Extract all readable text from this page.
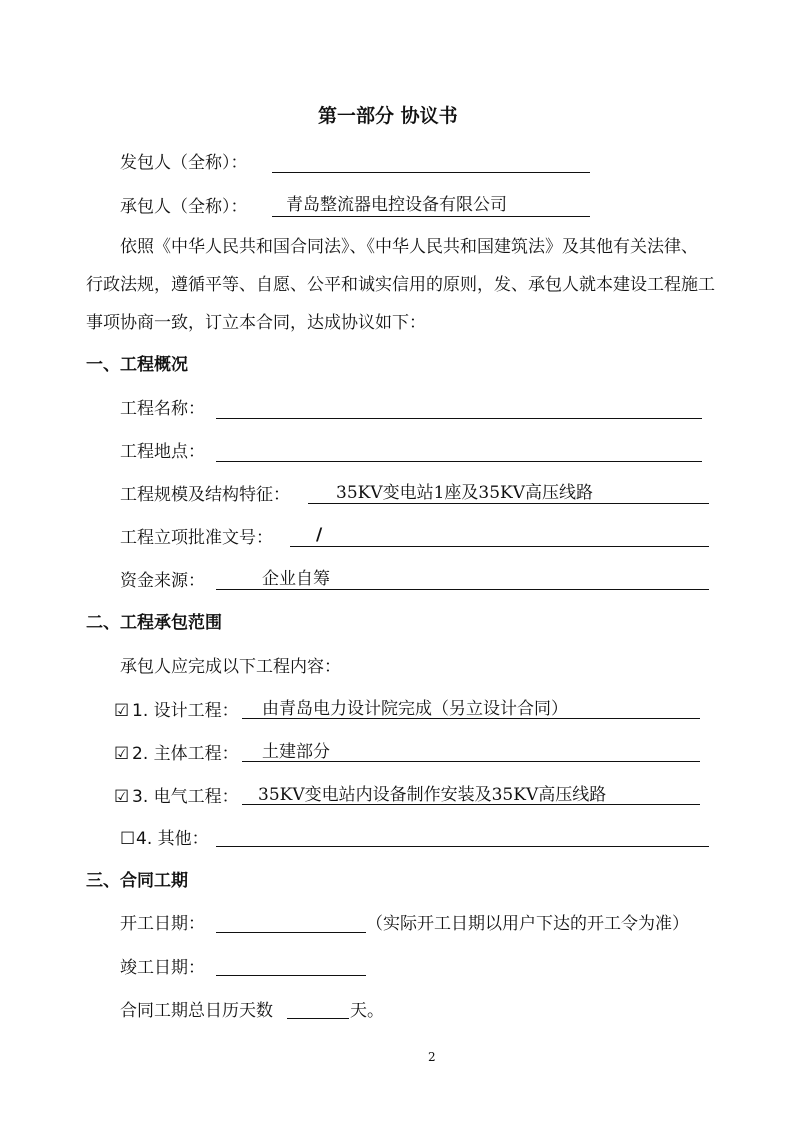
第一部分 协议书
发包人（全称）：
承包人（全称）： 青岛整流器电控设备有限公司
依照《中华人民共和国合同法》、《中华人民共和国建筑法》及其他有关法律、
行政法规，遵循平等、自愿、公平和诚实信用的原则，发、承包人就本建设工程施工
事项协商一致，订立本合同，达成协议如下：
一、工程概况
工程名称：
工程地点：
工程规模及结构特征：	35KV变电站1座及35KV高压线路
工程立项批准文号：	/
资金来源：	企业自筹
二、工程承包范围
承包人应完成以下工程内容：
☑ 1. 设计工程： 由青岛电力设计院完成（另立设计合同）
☑ 2. 主体工程： 土建部分
☑ 3. 电气工程： 35KV变电站内设备制作安装及35KV高压线路
☐ 4. 其他：
三、合同工期
开工日期：	（实际开工日期以用户下达的开工令为准）
竣工日期：
合同工期总日历天数	天。
2
